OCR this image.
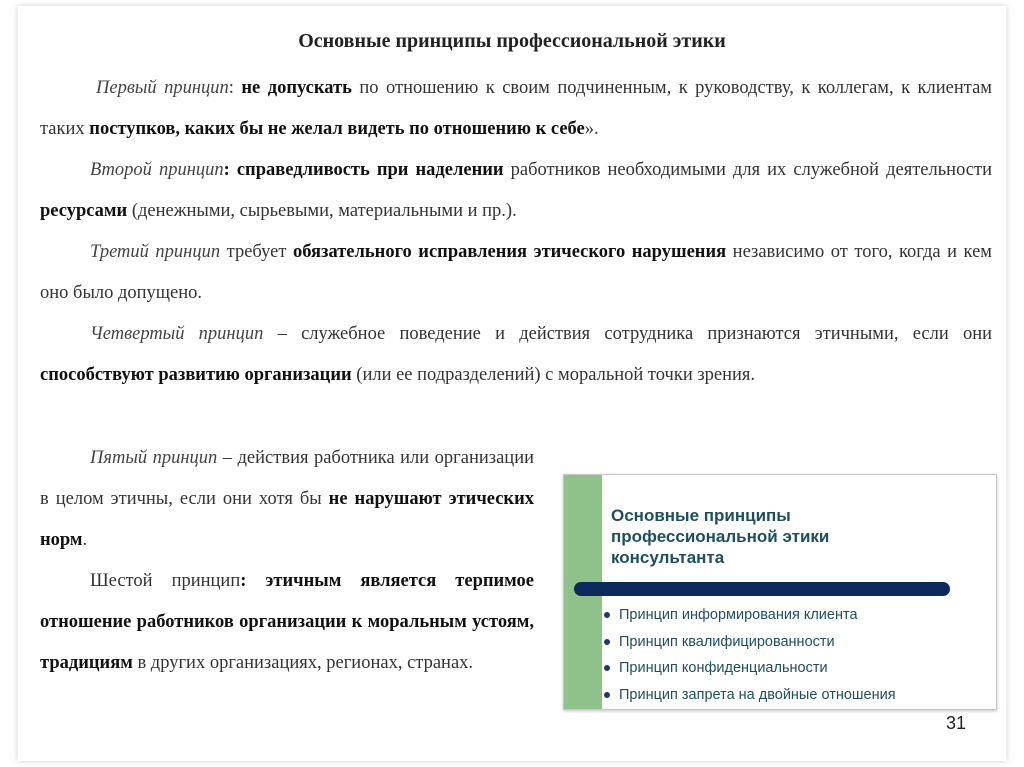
Основные принципы профессиональной этики
Первый принцип: не допускать по отношению к своим подчиненным, к руководству, к коллегам, к клиентам таких поступков, каких бы не желал видеть по отношению к себе».
Второй принцип: справедливость при наделении работников необходимыми для их служебной деятельности ресурсами (денежными, сырьевыми, материальными и пр.).
Третий принцип требует обязательного исправления этического нарушения независимо от того, когда и кем оно было допущено.
Четвертый принцип – служебное поведение и действия сотрудника признаются этичными, если они способствуют развитию организации (или ее подразделений) с моральной точки зрения.
Пятый принцип – действия работника или организации в целом этичны, если они хотя бы не нарушают этических норм.
Шестой принцип: этичным является терпимое отношение работников организации к моральным устоям, традициям в других организациях, регионах, странах.
Основные принципы профессиональной этики консультанта
Принцип информирования клиента
Принцип квалифицированности
Принцип конфиденциальности
Принцип запрета на двойные отношения
31
